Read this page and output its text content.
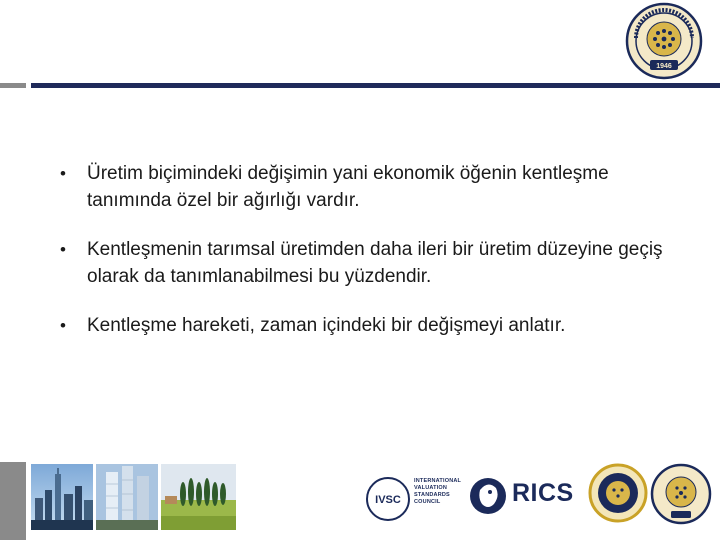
1946
• Üretim biçimindeki değişimin yani ekonomik öğenin kentleşme tanımında özel bir ağırlığı vardır.
• Kentleşmenin tarımsal üretimden daha ileri bir üretim düzeyine geçiş olarak da tanımlanabilmesi bu yüzdendir.
• Kentleşme hareketi, zaman içindeki bir değişmeyi anlatır.
IVSC
INTERNATIONAL
VALUATION
STANDARDS
COUNCIL	RICS
